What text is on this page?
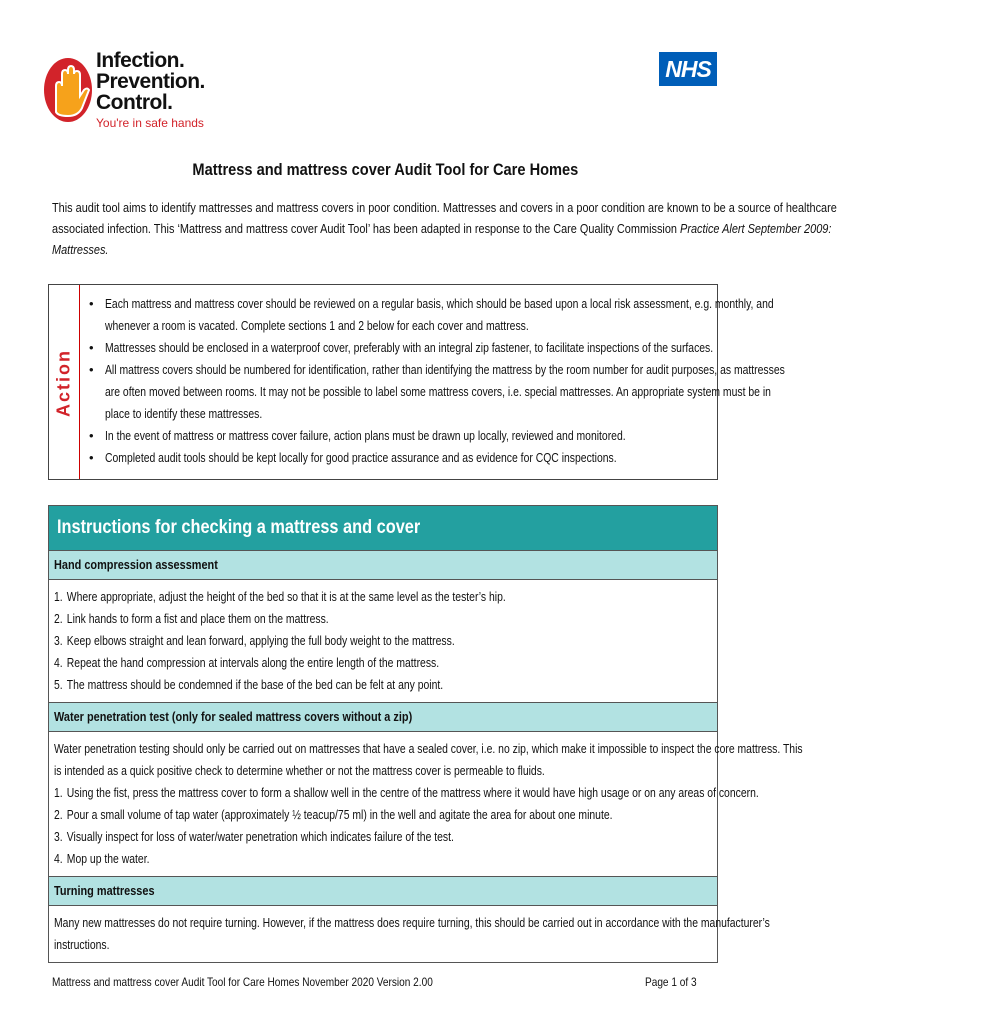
Infection.
Prevention.
Control.
You're in safe hands
NHS
Mattress and mattress cover Audit Tool for Care Homes
This audit tool aims to identify mattresses and mattress covers in poor condition. Mattresses and covers in a poor condition are known to be a source of healthcare
associated infection. This ‘Mattress and mattress cover Audit Tool’ has been adapted in response to the Care Quality Commission Practice Alert September 2009:
Mattresses.
Action
• Each mattress and mattress cover should be reviewed on a regular basis, which should be based upon a local risk assessment, e.g. monthly, and
whenever a room is vacated. Complete sections 1 and 2 below for each cover and mattress.
• Mattresses should be enclosed in a waterproof cover, preferably with an integral zip fastener, to facilitate inspections of the surfaces.
• All mattress covers should be numbered for identification, rather than identifying the mattress by the room number for audit purposes, as mattresses
are often moved between rooms. It may not be possible to label some mattress covers, i.e. special mattresses. An appropriate system must be in
place to identify these mattresses.
• In the event of mattress or mattress cover failure, action plans must be drawn up locally, reviewed and monitored.
• Completed audit tools should be kept locally for good practice assurance and as evidence for CQC inspections.
Instructions for checking a mattress and cover
Hand compression assessment
1. Where appropriate, adjust the height of the bed so that it is at the same level as the tester’s hip.
2. Link hands to form a fist and place them on the mattress.
3. Keep elbows straight and lean forward, applying the full body weight to the mattress.
4. Repeat the hand compression at intervals along the entire length of the mattress.
5. The mattress should be condemned if the base of the bed can be felt at any point.
Water penetration test (only for sealed mattress covers without a zip)
Water penetration testing should only be carried out on mattresses that have a sealed cover, i.e. no zip, which make it impossible to inspect the core mattress. This
is intended as a quick positive check to determine whether or not the mattress cover is permeable to fluids.
1. Using the fist, press the mattress cover to form a shallow well in the centre of the mattress where it would have high usage or on any areas of concern.
2. Pour a small volume of tap water (approximately ½ teacup/75 ml) in the well and agitate the area for about one minute.
3. Visually inspect for loss of water/water penetration which indicates failure of the test.
4. Mop up the water.
Turning mattresses
Many new mattresses do not require turning. However, if the mattress does require turning, this should be carried out in accordance with the manufacturer’s
instructions.
Mattress and mattress cover Audit Tool for Care Homes November 2020 Version 2.00	Page 1 of 3
